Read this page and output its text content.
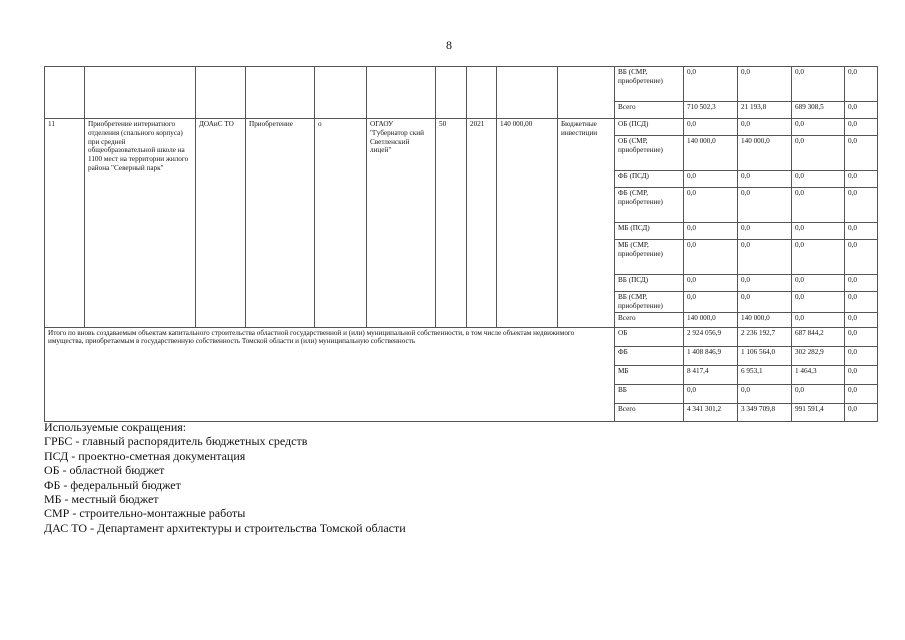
8
										ВБ (СМР, приобретение)	0,0	0,0	0,0	0,0
										Всего	710 502,3	21 193,8	689 308,5	0,0
11	Приобретение интернатного отделения (спального корпуса) при средней общеобразовательной школе на 1100 мест на территории жилого района "Северный парк"	ДОАиС ТО	Приобретение	о	ОГАОУ "Губернатор ский Светленский лицей"	50	2021	140 000,00	Бюджетные инвестиции	ОБ (ПСД)	0,0	0,0	0,0	0,0
										ОБ (СМР, приобретение)	140 000,0	140 000,0	0,0	0,0
										ФБ (ПСД)	0,0	0,0	0,0	0,0
										ФБ (СМР, приобретение)	0,0	0,0	0,0	0,0
										МБ (ПСД)	0,0	0,0	0,0	0,0
										МБ (СМР, приобретение)	0,0	0,0	0,0	0,0
										ВБ (ПСД)	0,0	0,0	0,0	0,0
										ВБ (СМР, приобретение)	0,0	0,0	0,0	0,0
										Всего	140 000,0	140 000,0	0,0	0,0
Итого по вновь создаваемым объектам капитального строительства областной государственной и (или) муниципальной собственности, в том числе объектам недвижимого имущества, приобретаемым в государственную собственность Томской области и (или) муниципальную собственность										ОБ	2 924 056,9	2 236 192,7	687 844,2	0,0
										ФБ	1 408 846,9	1 106 564,0	302 282,9	0,0
										МБ	8 417,4	6 953,1	1 464,3	0,0
										ВБ	0,0	0,0	0,0	0,0
										Всего	4 341 301,2	3 349 709,8	991 591,4	0,0
Используемые сокращения:
ГРБС - главный распорядитель бюджетных средств
ПСД - проектно-сметная документация
ОБ - областной бюджет
ФБ - федеральный бюджет
МБ - местный бюджет
СМР - строительно-монтажные работы
ДАС ТО - Департамент архитектуры и строительства Томской области
